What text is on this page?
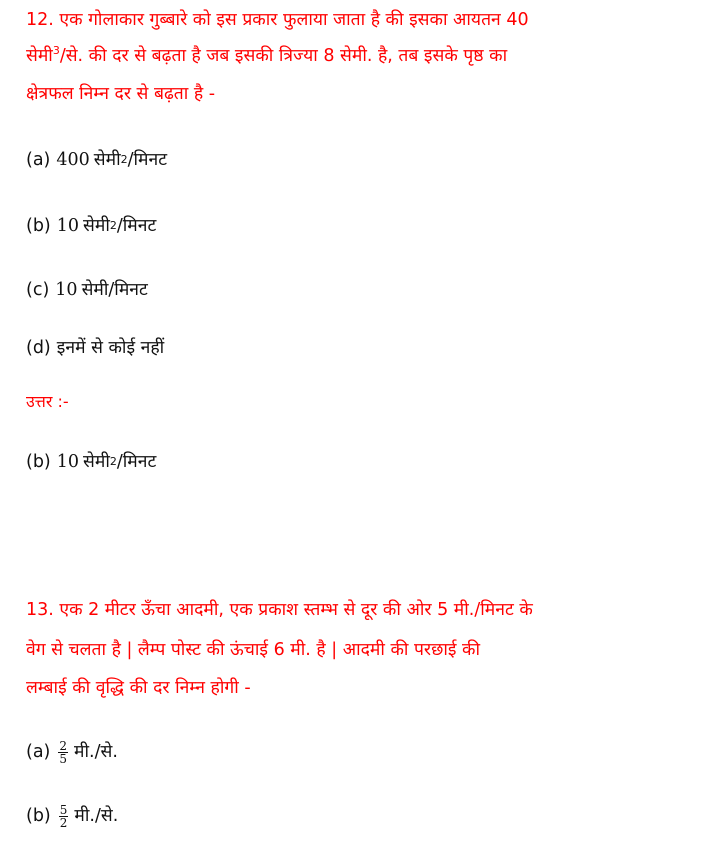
12. एक गोलाकार गुब्बारे को इस प्रकार फुलाया जाता है की इसका आयतन 40
सेमी$^3$/से. की दर से बढ़ता है जब इसकी त्रिज्या 8 सेमी. है, तब इसके पृष्ठ का
क्षेत्रफल निम्न दर से बढ़ता है -
(a) 400 सेमी 2 /मिनट
(b) 10 सेमी 2 /मिनट
(c) 10 सेमी/मिनट
(d) इनमें से कोई नहीं
उत्तर :-
(b) 10 सेमी 2 /मिनट
13. एक 2 मीटर ऊँचा आदमी, एक प्रकाश स्तम्भ से दूर की ओर 5 मी./मिनट के
वेग से चलता है | लैम्प पोस्ट की ऊंचाई 6 मी. है | आदमी की परछाई की
लम्बाई की वृद्धि की दर निम्न होगी -
$(a) \frac{2}{5}$ मी./से.
$(b) \frac{5}{2}$ मी./से.
